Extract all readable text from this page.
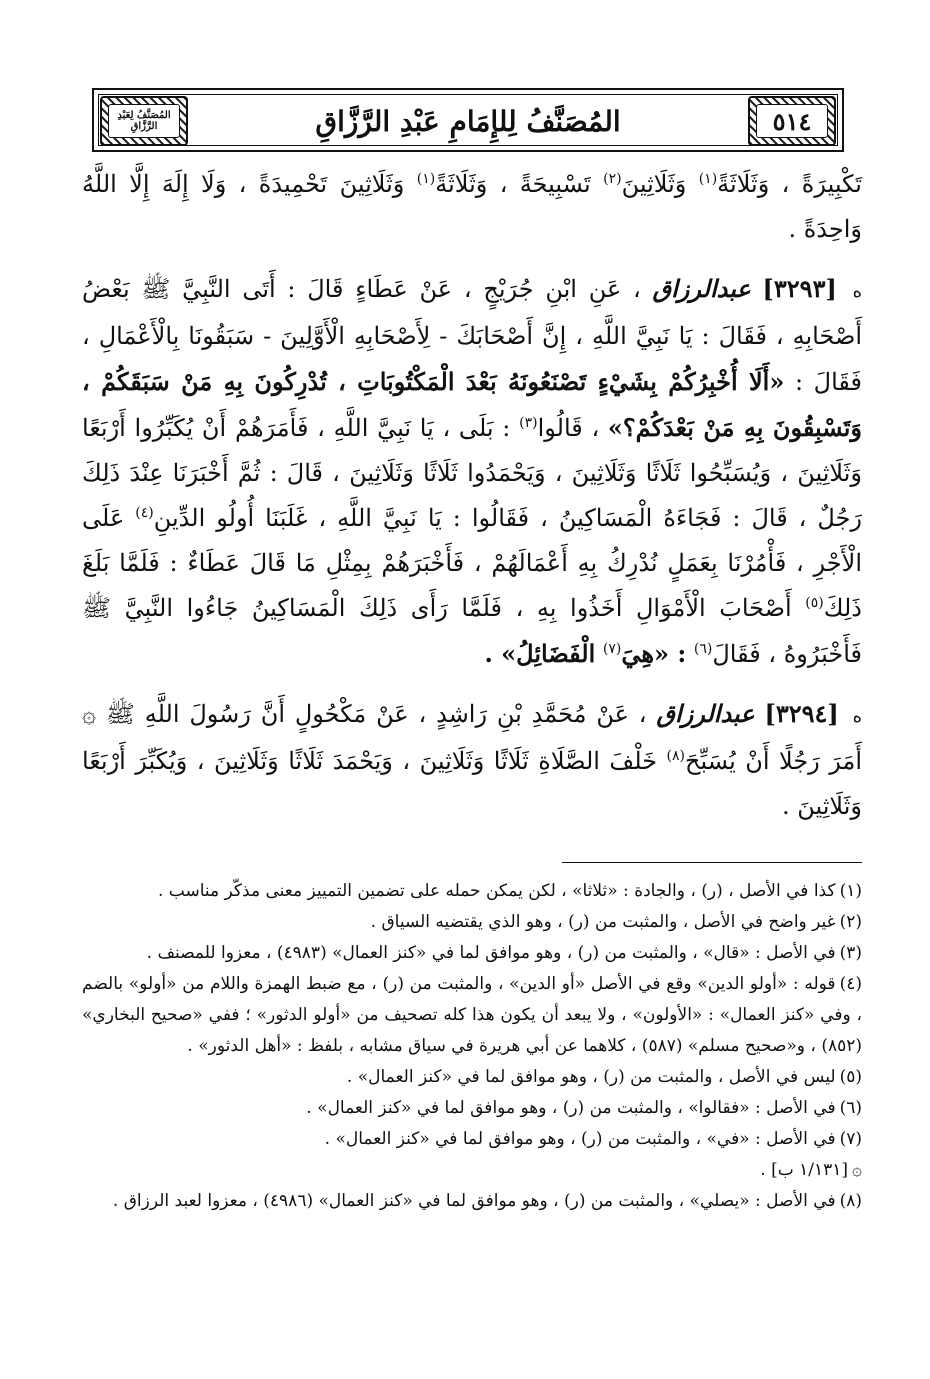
المُصَنَّفُ لِعَبْدِ الرَّزَّاقِ	المُصَنَّفُ لِلإِمَامِ عَبْدِ الرَّزَّاقِ	٥١٤

تَكْبِيرَةً ، وَثَلَاثَةً$^{(١)}$ وَثَلَاثِينَ$^{(٢)}$ تَسْبِيحَةً ، وَثَلَاثَةً$^{(١)}$ وَثَلَاثِينَ تَحْمِيدَةً ، وَلَا إِلَهَ إِلَّا اللَّهُ وَاحِدَةً .

ه [٣٢٩٣] عبدالرزاق ، عَنِ ابْنِ جُرَيْجٍ ، عَنْ عَطَاءٍ قَالَ : أَتَى النَّبِيَّ ﷺ بَعْضُ أَصْحَابِهِ ، فَقَالَ : يَا نَبِيَّ اللَّهِ ، إِنَّ أَصْحَابَكَ - لِأَصْحَابِهِ الْأَوَّلِينَ - سَبَقُونَا بِالْأَعْمَالِ ، فَقَالَ : «أَلَا أُخْبِرُكُمْ بِشَيْءٍ تَصْنَعُونَهُ بَعْدَ الْمَكْتُوبَاتِ ، تُدْرِكُونَ بِهِ مَنْ سَبَقَكُمْ ، وَتَسْبِقُونَ بِهِ مَنْ بَعْدَكُمْ؟» ، قَالُوا$^{(٣)}$ : بَلَى ، يَا نَبِيَّ اللَّهِ ، فَأَمَرَهُمْ أَنْ يُكَبِّرُوا أَرْبَعًا وَثَلَاثِينَ ، وَيُسَبِّحُوا ثَلَاثًا وَثَلَاثِينَ ، وَيَحْمَدُوا ثَلَاثًا وَثَلَاثِينَ ، قَالَ : ثُمَّ أَخْبَرَنَا عِنْدَ ذَلِكَ رَجُلٌ ، قَالَ : فَجَاءَهُ الْمَسَاكِينُ ، فَقَالُوا : يَا نَبِيَّ اللَّهِ ، غَلَبَنَا أُولُو الدِّينِ$^{(٤)}$ عَلَى الْأَجْرِ ، فَأْمُرْنَا بِعَمَلٍ نُدْرِكُ بِهِ أَعْمَالَهُمْ ، فَأَخْبَرَهُمْ بِمِثْلِ مَا قَالَ عَطَاءٌ : فَلَمَّا بَلَغَ ذَلِكَ$^{(٥)}$ أَصْحَابَ الْأَمْوَالِ أَخَذُوا بِهِ ، فَلَمَّا رَأَى ذَلِكَ الْمَسَاكِينُ جَاءُوا النَّبِيَّ ﷺ فَأَخْبَرُوهُ ، فَقَالَ$^{(٦)}$ : «هِيَ$^{(٧)}$ الْفَضَائِلُ» .

ه [٣٢٩٤] عبدالرزاق ، عَنْ مُحَمَّدِ بْنِ رَاشِدٍ ، عَنْ مَكْحُولٍ أَنَّ رَسُولَ اللَّهِ ﷺ ۞ أَمَرَ رَجُلًا أَنْ يُسَبِّحَ$^{(٨)}$ خَلْفَ الصَّلَاةِ ثَلَاثًا وَثَلَاثِينَ ، وَيَحْمَدَ ثَلَاثًا وَثَلَاثِينَ ، وَيُكَبِّرَ أَرْبَعًا وَثَلَاثِينَ .

(١)كذا في الأصل ، (ر) ، والجادة : «ثلاثا» ، لكن يمكن حمله على تضمين التمييز معنى مذكّر مناسب .

(٢)غير واضح في الأصل ، والمثبت من (ر) ، وهو الذي يقتضيه السياق .

(٣)في الأصل : «قال» ، والمثبت من (ر) ، وهو موافق لما في «كنز العمال» (٤٩٨٣) ، معزوا للمصنف .

(٤)قوله : «أولو الدين» وقع في الأصل «أو الدين» ، والمثبت من (ر) ، مع ضبط الهمزة واللام من «أولو» بالضم ، وفي «كنز العمال» : «الأولون» ، ولا يبعد أن يكون هذا كله تصحيف من «أولو الدثور» ؛ ففي «صحيح البخاري» (٨٥٢) ، و«صحيح مسلم» (٥٨٧) ، كلاهما عن أبي هريرة في سياق مشابه ، بلفظ : «أهل الدثور» .

(٥)ليس في الأصل ، والمثبت من (ر) ، وهو موافق لما في «كنز العمال» .

(٦)في الأصل : «فقالوا» ، والمثبت من (ر) ، وهو موافق لما في «كنز العمال» .

(٧)في الأصل : «في» ، والمثبت من (ر) ، وهو موافق لما في «كنز العمال» .

۞[١/١٣١ ب] .

(٨)في الأصل : «يصلي» ، والمثبت من (ر) ، وهو موافق لما في «كنز العمال» (٤٩٨٦) ، معزوا لعبد الرزاق .
